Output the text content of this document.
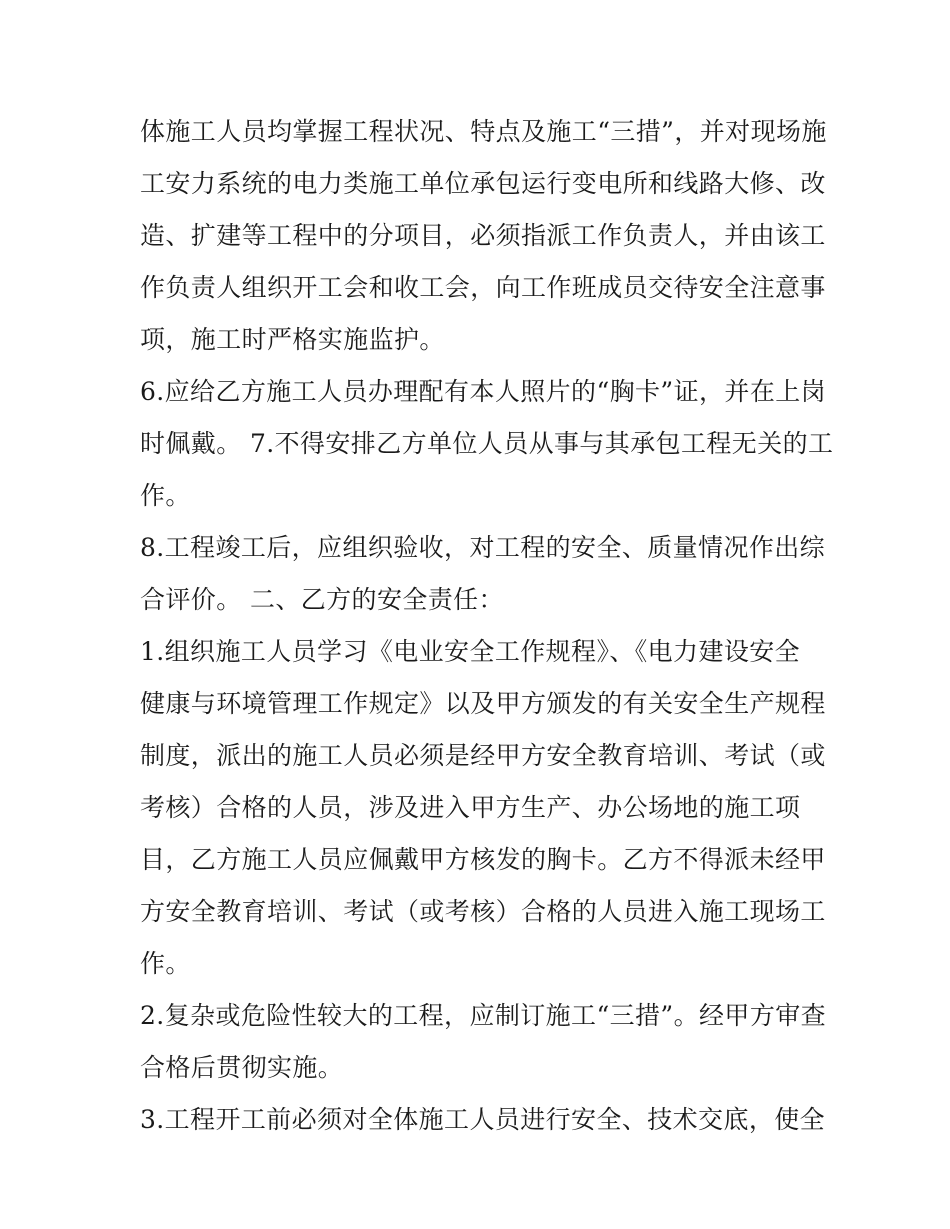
体施工人员均掌握工程状况、特点及施工“三措”，并对现场施
工安力系统的电力类施工单位承包运行变电所和线路大修、改
造、扩建等工程中的分项目，必须指派工作负责人，并由该工
作负责人组织开工会和收工会，向工作班成员交待安全注意事
项，施工时严格实施监护。
6.应给乙方施工人员办理配有本人照片的“胸卡”证，并在上岗
时佩戴。 7.不得安排乙方单位人员从事与其承包工程无关的工
作。
8.工程竣工后，应组织验收，对工程的安全、质量情况作出综
合评价。 二、乙方的安全责任：
1.组织施工人员学习《电业安全工作规程》、《电力建设安全
健康与环境管理工作规定》以及甲方颁发的有关安全生产规程
制度，派出的施工人员必须是经甲方安全教育培训、考试（或
考核）合格的人员，涉及进入甲方生产、办公场地的施工项
目，乙方施工人员应佩戴甲方核发的胸卡。乙方不得派未经甲
方安全教育培训、考试（或考核）合格的人员进入施工现场工
作。
2.复杂或危险性较大的工程，应制订施工“三措”。经甲方审查
合格后贯彻实施。
3.工程开工前必须对全体施工人员进行安全、技术交底，使全
